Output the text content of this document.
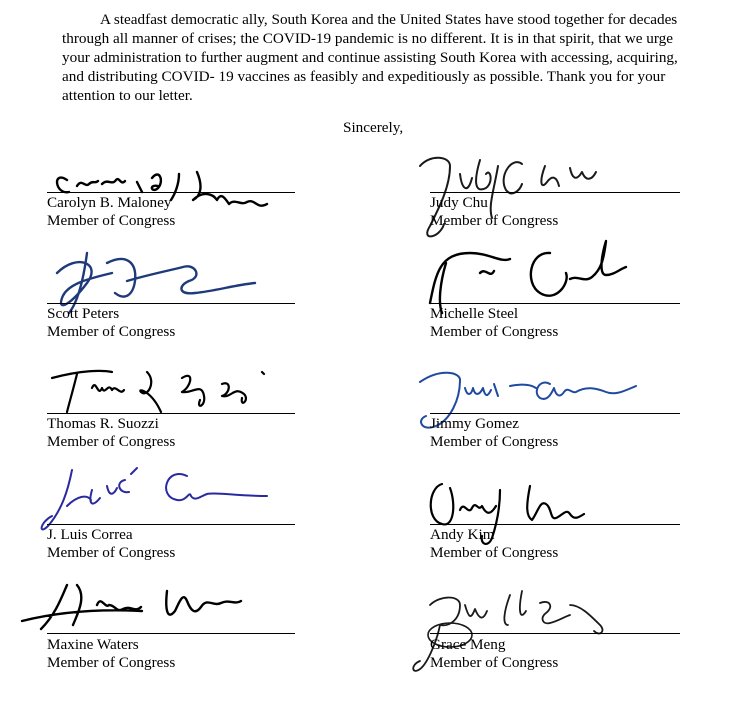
A steadfast democratic ally, South Korea and the United States have stood together for decades through all manner of crises; the COVID-19 pandemic is no different. It is in that spirit, that we urge your administration to further augment and continue assisting South Korea with accessing, acquiring, and distributing COVID- 19 vaccines as feasibly and expeditiously as possible. Thank you for your attention to our letter.
Sincerely,
Carolyn B. Maloney
Member of Congress
Scott Peters
Member of Congress
Thomas R. Suozzi
Member of Congress
J. Luis Correa
Member of Congress
Maxine Waters
Member of Congress
Judy Chu
Member of Congress
Michelle Steel
Member of Congress
Jimmy Gomez
Member of Congress
Andy Kim
Member of Congress
Grace Meng
Member of Congress
